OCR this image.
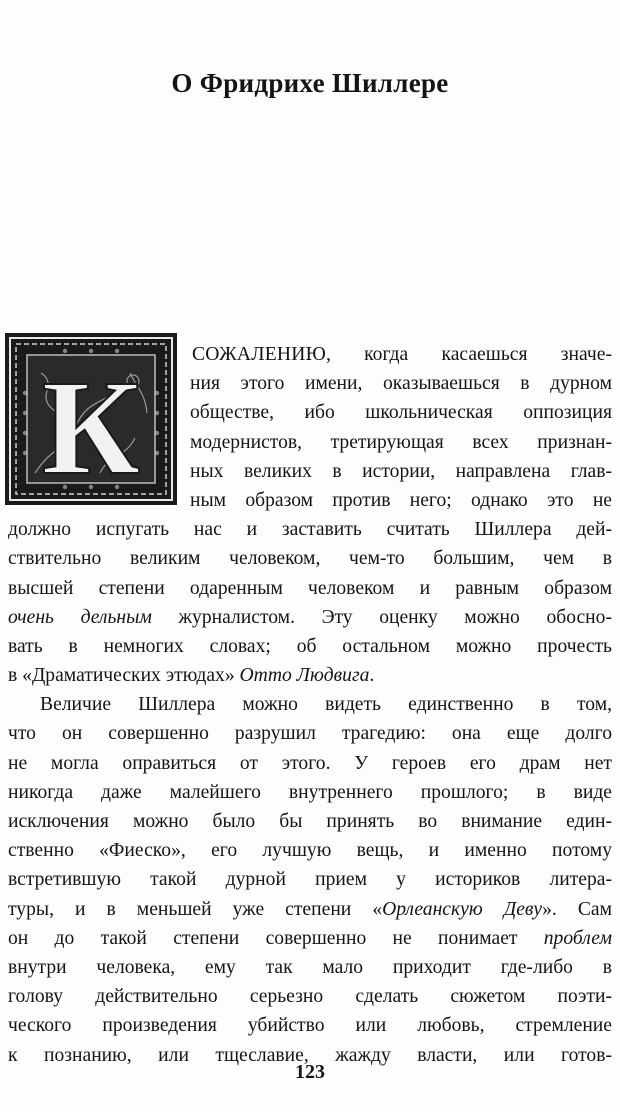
О Фридрихе Шиллере
К	СОЖАЛЕНИЮ, когда касаешься значе-
ния этого имени, оказываешься в дурном
обществе, ибо школьническая оппозиция
модернистов, третирующая всех признан-
ных великих в истории, направлена глав-
ным образом против него; однако это не
должно испугать нас и заставить считать Шиллера дей-
ствительно великим человеком, чем-то большим, чем в
высшей степени одаренным человеком и равным образом
очень дельным журналистом. Эту оценку можно обосно-
вать в немногих словах; об остальном можно прочесть
в «Драматических этюдах» Отто Людвига.
Величие Шиллера можно видеть единственно в том,
что он совершенно разрушил трагедию: она еще долго
не могла оправиться от этого. У героев его драм нет
никогда даже малейшего внутреннего прошлого; в виде
исключения можно было бы принять во внимание един-
ственно «Фиеско», его лучшую вещь, и именно потому
встретившую такой дурной прием у историков литера-
туры, и в меньшей уже степени «Орлеанскую Деву». Сам
он до такой степени совершенно не понимает проблем
внутри человека, ему так мало приходит где-либо в
голову действительно серьезно сделать сюжетом поэти-
ческого произведения убийство или любовь, стремление
к познанию, или тщеславие, жажду власти, или готов-
123
